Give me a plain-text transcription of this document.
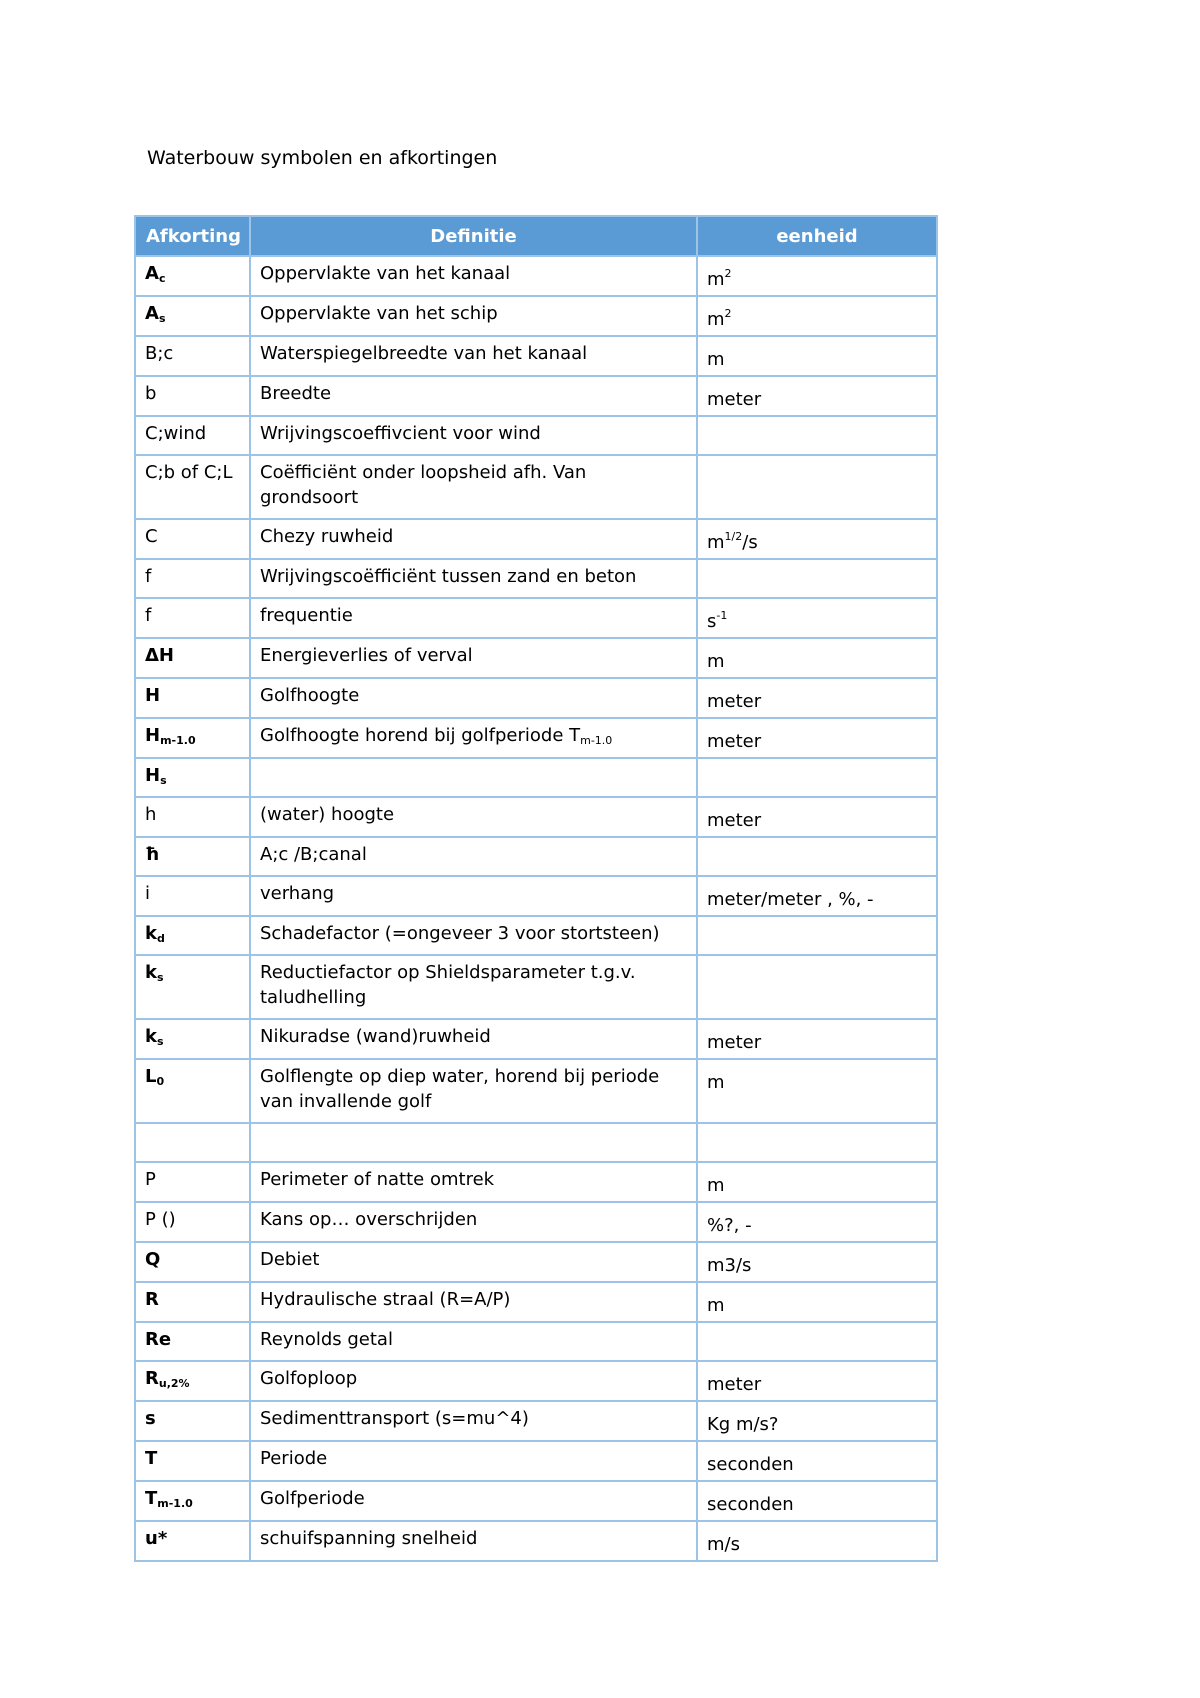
Waterbouw symbolen en afkortingen
Afkorting	Definitie	eenheid
$A_c$	Oppervlakte van het kanaal	$m^2$
$A_s$	Oppervlakte van het schip	$m^2$
B;c	Waterspiegelbreedte van het kanaal	m
b	Breedte	meter
C;wind	Wrijvingscoeffivcient voor wind	
C;b of C;L	Coëfficiënt onder loopsheid afh. Van grondsoort	
C	Chezy ruwheid	$m^{1/2}/s$
f	Wrijvingscoëfficiënt tussen zand en beton	
f	frequentie	$s^{-1}$
ΔH	Energieverlies of verval	m
H	Golfhoogte	meter
$H_{m-1.0}$	Golfhoogte horend bij golfperiode $T_{m-1.0}$	meter
$H_s$		
h	(water) hoogte	meter
ħ	A;c /B;canal	
i	verhang	meter/meter , %, -
$k_d$	Schadefactor (=ongeveer 3 voor stortsteen)	
$k_s$	Reductiefactor op Shieldsparameter t.g.v. taludhelling	
$k_s$	Nikuradse (wand)ruwheid	meter
$L_0$	Golflengte op diep water, horend bij periode van invallende golf	m

P	Perimeter of natte omtrek	m
P ()	Kans op… overschrijden	%?, -
Q	Debiet	m3/s
R	Hydraulische straal (R=A/P)	m
Re	Reynolds getal	
$R_{u,2\%}$	Golfoploop	meter
s	Sedimenttransport (s=mu^4)	Kg m/s?
T	Periode	seconden
$T_{m-1.0}$	Golfperiode	seconden
u*	schuifspanning snelheid	m/s
